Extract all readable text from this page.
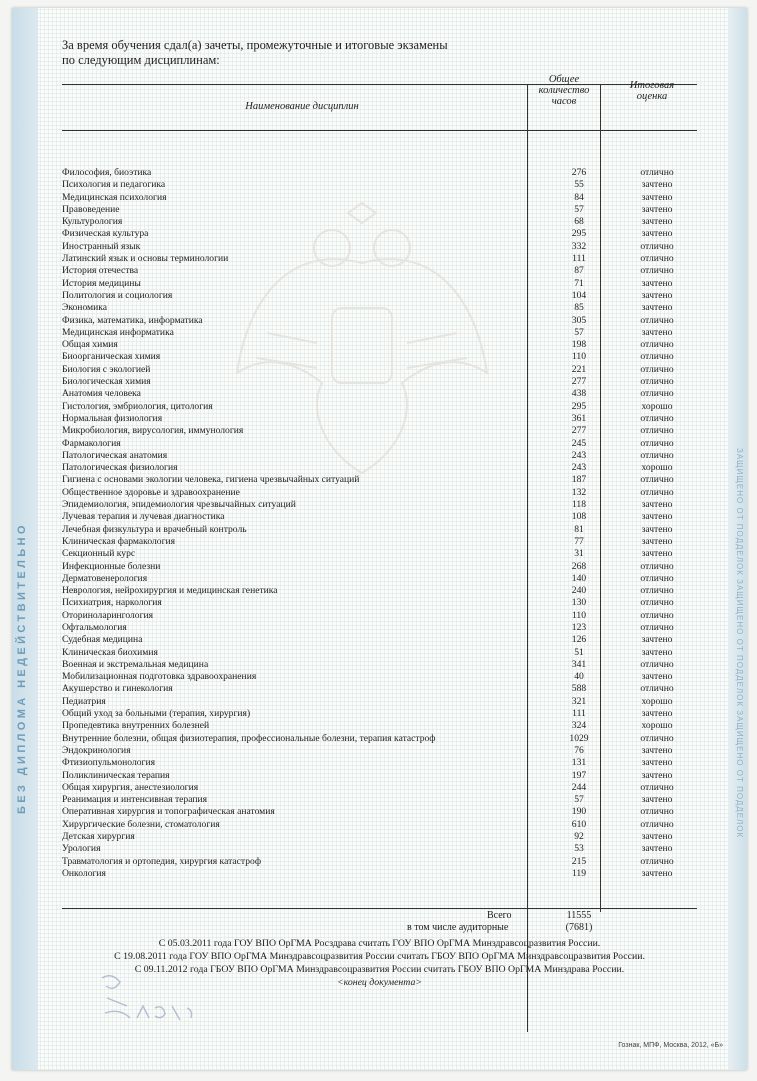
БЕЗ ДИПЛОМА НЕДЕЙСТВИТЕЛЬНО	ЗАЩИЩЕНО ОТ ПОДДЕЛОК ЗАЩИЩЕНО ОТ ПОДДЕЛОК ЗАЩИЩЕНО ОТ ПОДДЕЛОК
За время обучения сдал(а) зачеты, промежуточные и итоговые экзамены
по следующим дисциплинам:
Наименование дисциплин
Общее
количество
часов
Итоговая
оценка
Философия, биоэтика	276	отлично
Психология и педагогика	55	зачтено
Медицинская психология	84	зачтено
Правоведение	57	зачтено
Культурология	68	зачтено
Физическая культура	295	зачтено
Иностранный язык	332	отлично
Латинский язык и основы терминологии	111	отлично
История отечества	87	отлично
История медицины	71	зачтено
Политология и социология	104	зачтено
Экономика	85	зачтено
Физика, математика, информатика	305	отлично
Медицинская информатика	57	зачтено
Общая химия	198	отлично
Биоорганическая химия	110	отлично
Биология с экологией	221	отлично
Биологическая химия	277	отлично
Анатомия человека	438	отлично
Гистология, эмбриология, цитология	295	хорошо
Нормальная физиология	361	отлично
Микробиология, вирусология, иммунология	277	отлично
Фармакология	245	отлично
Патологическая анатомия	243	отлично
Патологическая физиология	243	хорошо
Гигиена с основами экологии человека, гигиена чрезвычайных ситуаций	187	отлично
Общественное здоровье и здравоохранение	132	отлично
Эпидемиология, эпидемиология чрезвычайных ситуаций	118	зачтено
Лучевая терапия и лучевая диагностика	108	зачтено
Лечебная физкультура и врачебный контроль	81	зачтено
Клиническая фармакология	77	зачтено
Секционный курс	31	зачтено
Инфекционные болезни	268	отлично
Дерматовенерология	140	отлично
Неврология, нейрохирургия и медицинская генетика	240	отлично
Психиатрия, наркология	130	отлично
Оториноларингология	110	отлично
Офтальмология	123	отлично
Судебная медицина	126	зачтено
Клиническая биохимия	51	зачтено
Военная и экстремальная медицина	341	отлично
Мобилизационная подготовка здравоохранения	40	зачтено
Акушерство и гинекология	588	отлично
Педиатрия	321	хорошо
Общий уход за больными (терапия, хирургия)	111	зачтено
Пропедевтика внутренних болезней	324	хорошо
Внутренние болезни, общая физиотерапия, профессиональные болезни, терапия катастроф	1029	отлично
Эндокринология	76	зачтено
Фтизиопульмонология	131	зачтено
Поликлиническая терапия	197	зачтено
Общая хирургия, анестезиология	244	отлично
Реанимация и интенсивная терапия	57	зачтено
Оперативная хирургия и топографическая анатомия	190	отлично
Хирургические болезни, стоматология	610	отлично
Детская хирургия	92	зачтено
Урология	53	зачтено
Травматология и ортопедия, хирургия катастроф	215	отлично
Онкология	119	зачтено
Всего	11555
в том числе аудиторные	(7681)
С 05.03.2011 года ГОУ ВПО ОрГМА Росздрава считать ГОУ ВПО ОрГМА Минздравсоцразвития России.
С 19.08.2011 года ГОУ ВПО ОрГМА Минздравсоцразвития России считать ГБОУ ВПО ОрГМА Минздравсоцразвития России.
С 09.11.2012 года ГБОУ ВПО ОрГМА Минздравсоцразвития России считать ГБОУ ВПО ОрГМА Минздрава России.
<конец документа>
Гознак, МПФ, Москва, 2012, «Б»
